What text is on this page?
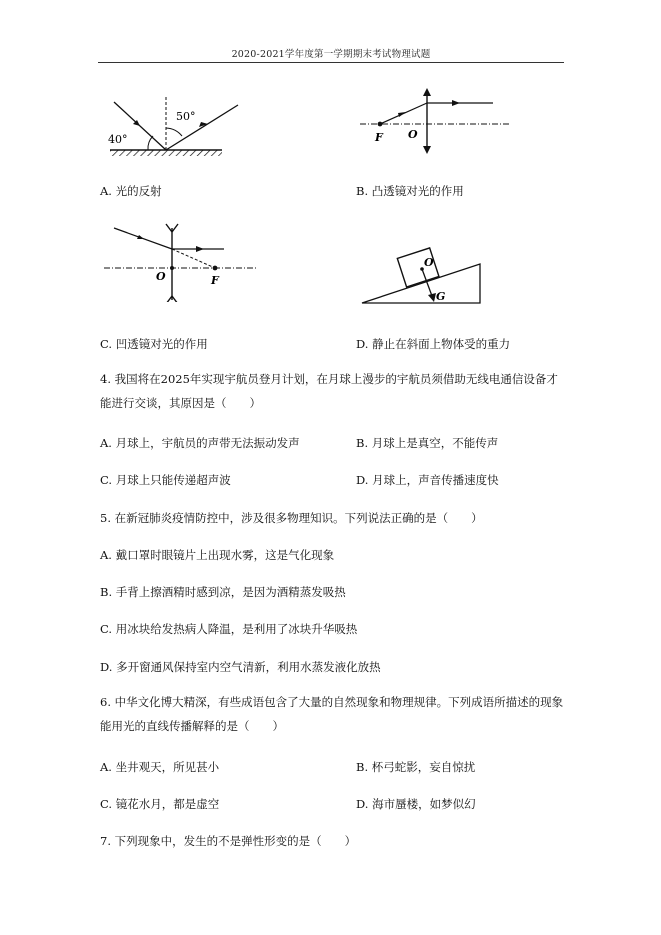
2020-2021学年度第一学期期末考试物理试题
40°
50°
F O
A. 光的反射	B. 凸透镜对光的作用
O	F
O
G
C. 凹透镜对光的作用	D. 静止在斜面上物体受的重力
4. 我国将在2025年实现宇航员登月计划，在月球上漫步的宇航员须借助无线电通信设备才能进行交谈，其原因是（　　）
A. 月球上，宇航员的声带无法振动发声	B. 月球上是真空，不能传声
C. 月球上只能传递超声波	D. 月球上，声音传播速度快
5. 在新冠肺炎疫情防控中，涉及很多物理知识。下列说法正确的是（　　）
A. 戴口罩时眼镜片上出现水雾，这是气化现象
B. 手背上擦酒精时感到凉，是因为酒精蒸发吸热
C. 用冰块给发热病人降温，是利用了冰块升华吸热
D. 多开窗通风保持室内空气清新，利用水蒸发液化放热
6. 中华文化博大精深，有些成语包含了大量的自然现象和物理规律。下列成语所描述的现象能用光的直线传播解释的是（　　）
A. 坐井观天，所见甚小	B. 杯弓蛇影，妄自惊扰
C. 镜花水月，都是虚空	D. 海市蜃楼，如梦似幻
7. 下列现象中，发生的不是弹性形变的是（　　）
